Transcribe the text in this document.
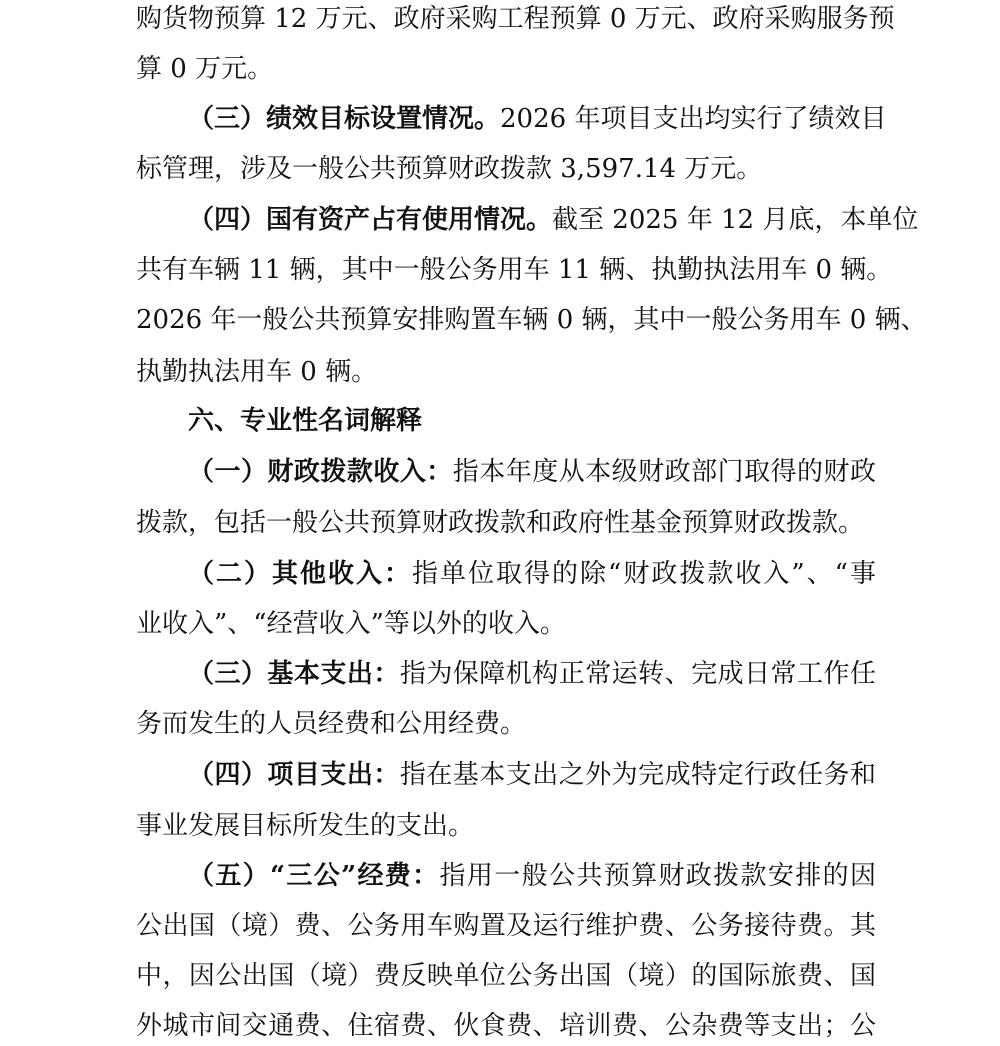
购货物预算 12 万元、政府采购工程预算 0 万元、政府采购服务预
算 0 万元。
（三）绩效目标设置情况。2026 年项目支出均实行了绩效目
标管理，涉及一般公共预算财政拨款 3,597.14 万元。
（四）国有资产占有使用情况。截至 2025 年 12 月底，本单位
共有车辆 11 辆，其中一般公务用车 11 辆、执勤执法用车 0 辆。
2026 年一般公共预算安排购置车辆 0 辆，其中一般公务用车 0 辆、
执勤执法用车 0 辆。
六、专业性名词解释
（一）财政拨款收入：指本年度从本级财政部门取得的财政
拨款，包括一般公共预算财政拨款和政府性基金预算财政拨款。
（二）其他收入：指单位取得的除“财政拨款收入”、“事
业收入”、“经营收入”等以外的收入。
（三）基本支出：指为保障机构正常运转、完成日常工作任
务而发生的人员经费和公用经费。
（四）项目支出：指在基本支出之外为完成特定行政任务和
事业发展目标所发生的支出。
（五）“三公”经费：指用一般公共预算财政拨款安排的因
公出国（境）费、公务用车购置及运行维护费、公务接待费。其
中，因公出国（境）费反映单位公务出国（境）的国际旅费、国
外城市间交通费、住宿费、伙食费、培训费、公杂费等支出；公
